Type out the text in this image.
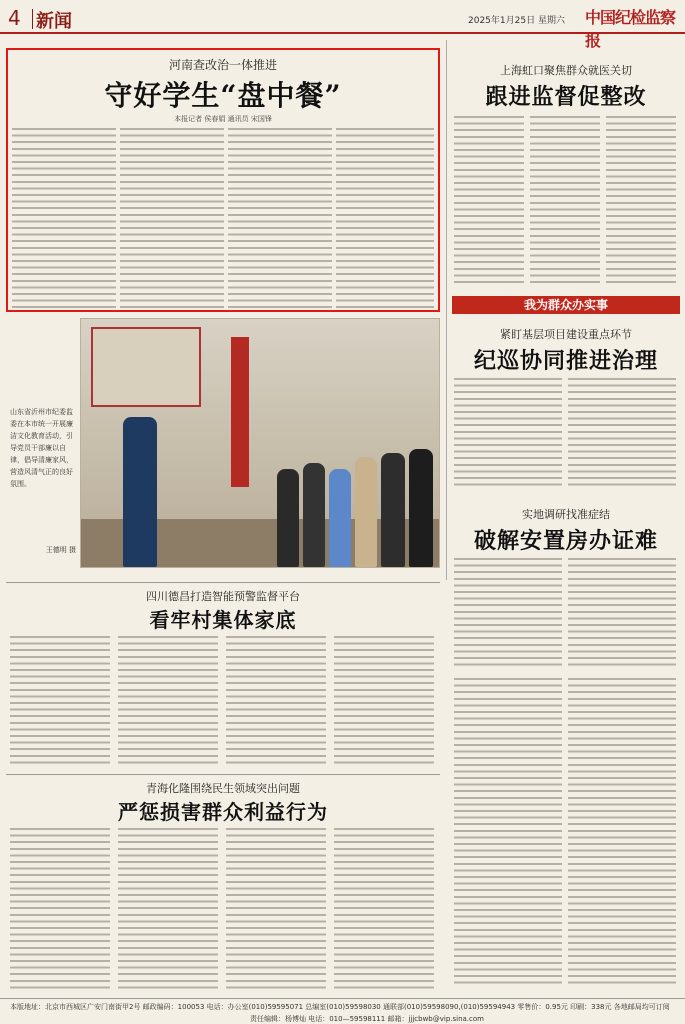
4 新闻	2025年1月25日 星期六 中国纪检监察报
河南查改治一体推进
守好学生“盘中餐”
本报记者 侯春娟 通讯员 宋国锋
上海虹口聚焦群众就医关切
跟进监督促整改
我为群众办实事
紧盯基层项目建设重点环节
纪巡协同推进治理
实地调研找准症结
破解安置房办证难
山东省沂州市纪委监委在本市统一开展廉洁文化教育活动，引导党员干部廉以自律，倡导清廉家风，营造风清气正的良好氛围。
王德明 摄
四川德昌打造智能预警监督平台
看牢村集体家底
青海化隆围绕民生领域突出问题
严惩损害群众利益行为
本版地址：北京市西城区广安门南街甲2号 邮政编码：100053 电话：办公室(010)59595071 总编室(010)59598030 通联部(010)59598090,(010)59594943 零售价：0.95元 印刷：338元 各地邮局均可订阅
责任编辑：杨博灿 电话：010—59598111 邮箱：jjjcbwb@vip.sina.com
